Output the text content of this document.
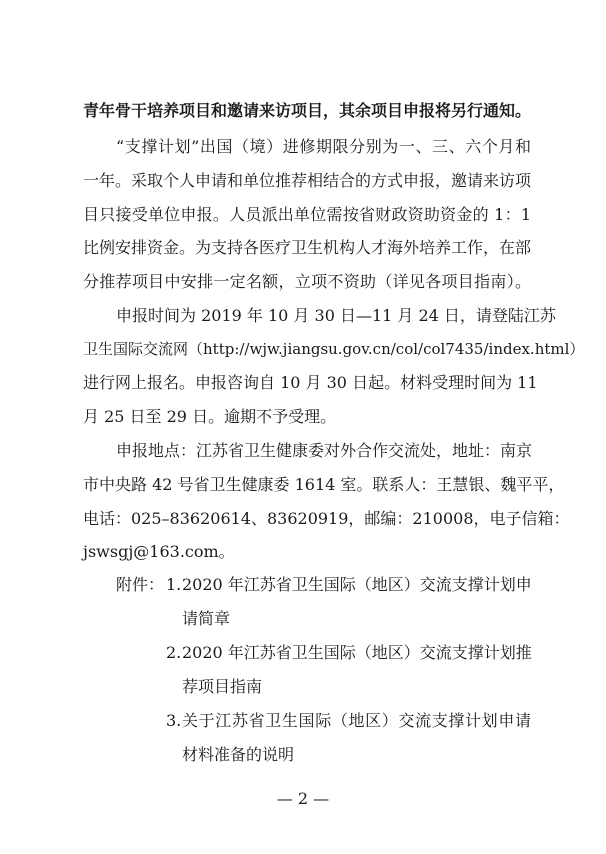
青年骨干培养项目和邀请来访项目，其余项目申报将另行通知。
“支撑计划”出国（境）进修期限分别为一、三、六个月和
一年。采取个人申请和单位推荐相结合的方式申报，邀请来访项
目只接受单位申报。人员派出单位需按省财政资助资金的 1：1
比例安排资金。为支持各医疗卫生机构人才海外培养工作，在部
分推荐项目中安排一定名额，立项不资助（详见各项目指南）。
申报时间为 2019 年 10 月 30 日—11 月 24 日，请登陆江苏
卫生国际交流网（http://wjw.jiangsu.gov.cn/col/col7435/index.html）
进行网上报名。申报咨询自 10 月 30 日起。材料受理时间为 11
月 25 日至 29 日。逾期不予受理。
申报地点：江苏省卫生健康委对外合作交流处，地址：南京
市中央路 42 号省卫生健康委 1614 室。联系人：王慧银、魏平平，
电话：025–83620614、83620919，邮编：210008，电子信箱：
jswsgj@163.com。
附件： 1. 2020 年江苏省卫生国际（地区）交流支撑计划申
请简章
2. 2020 年江苏省卫生国际（地区）交流支撑计划推
荐项目指南
3. 关于江苏省卫生国际（地区）交流支撑计划申请
材料准备的说明
— 2 —
